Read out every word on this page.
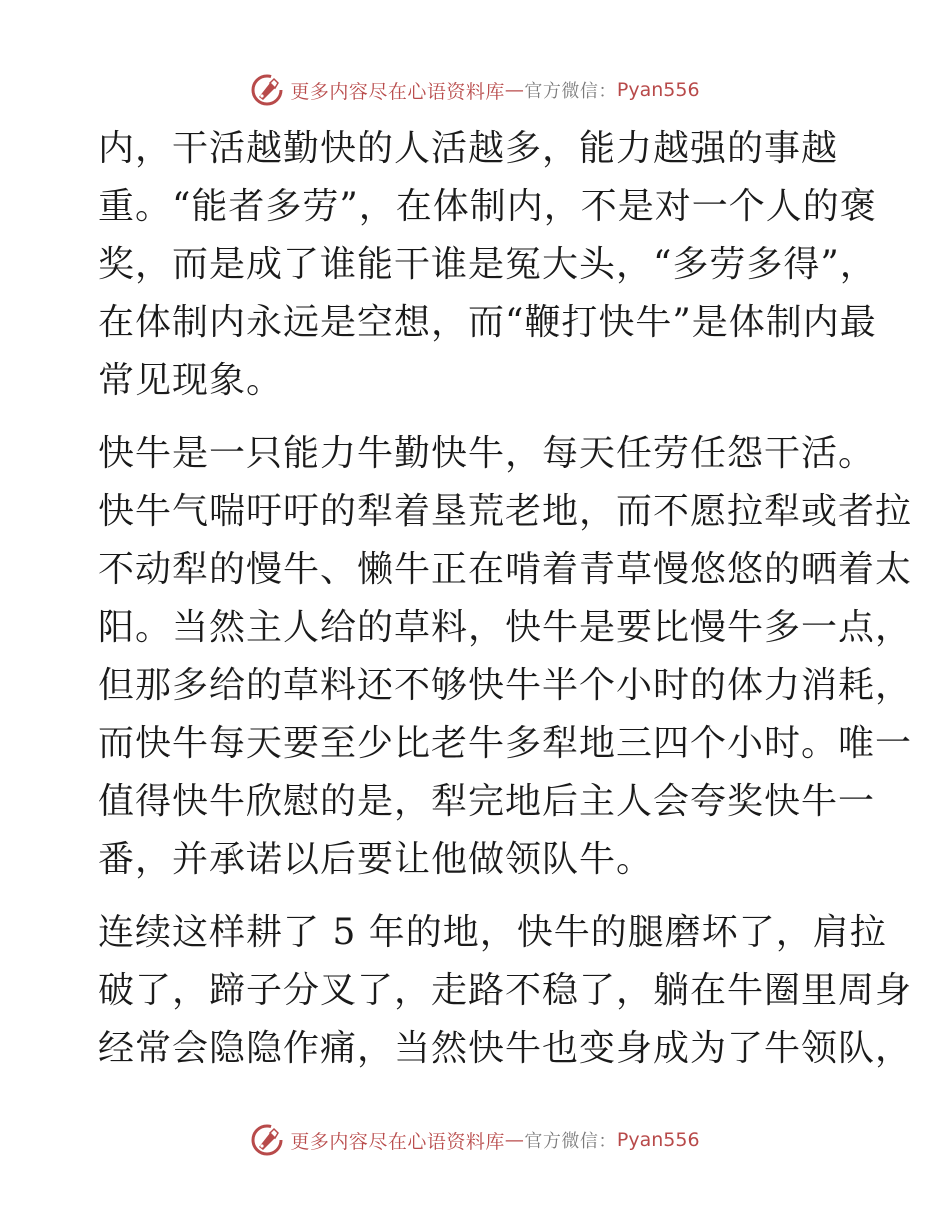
更多内容尽在心语资料库 — 官方微信： Pyan556

内，干活越勤快的人活越多，能力越强的事越
重。“能者多劳”，在体制内，不是对一个人的褒
奖，而是成了谁能干谁是冤大头，“多劳多得”，
在体制内永远是空想，而“鞭打快牛”是体制内最
常见现象。

快牛是一只能力牛勤快牛，每天任劳任怨干活。
快牛气喘吁吁的犁着垦荒老地，而不愿拉犁或者拉
不动犁的慢牛、懒牛正在啃着青草慢悠悠的晒着太
阳。当然主人给的草料，快牛是要比慢牛多一点，
但那多给的草料还不够快牛半个小时的体力消耗，
而快牛每天要至少比老牛多犁地三四个小时。唯一
值得快牛欣慰的是，犁完地后主人会夸奖快牛一
番，并承诺以后要让他做领队牛。

连续这样耕了 5 年的地，快牛的腿磨坏了，肩拉
破了，蹄子分叉了，走路不稳了，躺在牛圈里周身
经常会隐隐作痛，当然快牛也变身成为了牛领队，

更多内容尽在心语资料库 — 官方微信： Pyan556
